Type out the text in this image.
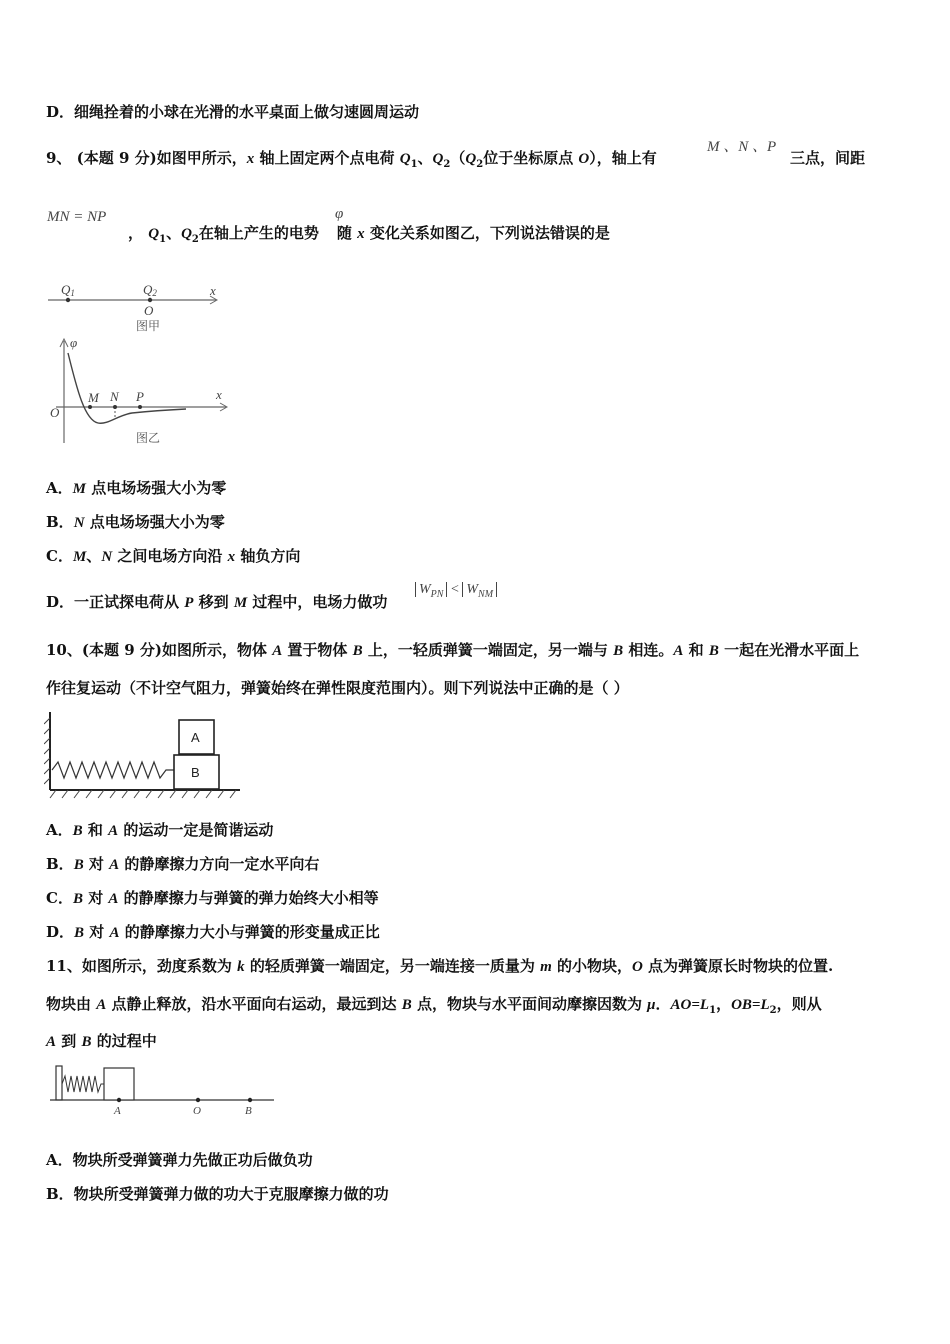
D．细绳拴着的小球在光滑的水平桌面上做匀速圆周运动
9、 (本题 9 分)如图甲所示，x 轴上固定两个点电荷 $Q_1$、$Q_2(Q_2$位于坐标原点 O），轴上有
M 、N 、P
三点，间距
MN = NP	φ
， $Q_1$、$Q_2$在轴上产生的电势 随 x 变化关系如图乙，下列说法错误的是
Q1	Q2	x
O
图甲
φ
O
M N P	x
图乙
A．M 点电场场强大小为零
B．N 点电场场强大小为零
C．M、N 之间电场方向沿 x 轴负方向
D．一正试探电荷从 P 移到 M 过程中，电场力做功
$W_{PN} < W_{NM}$
10、(本题 9 分)如图所示，物体 A 置于物体 B 上，一轻质弹簧一端固定，另一端与 B 相连。A 和 B 一起在光滑水平面上
作往复运动（不计空气阻力，弹簧始终在弹性限度范围内）。则下列说法中正确的是（ ）
A
B
A．B 和 A 的运动一定是简谐运动
B．B 对 A 的静摩擦力方向一定水平向右
C．B 对 A 的静摩擦力与弹簧的弹力始终大小相等
D．B 对 A 的静摩擦力大小与弹簧的形变量成正比
11、如图所示，劲度系数为 k 的轻质弹簧一端固定，另一端连接一质量为 m 的小物块，O 点为弹簧原长时物块的位置.
物块由 A 点静止释放，沿水平面向右运动，最远到达 B 点，物块与水平面间动摩擦因数为 μ．$AO=L_1$，$OB=L_2$，则从
A 到 B 的过程中
A	O	B
A．物块所受弹簧弹力先做正功后做负功
B．物块所受弹簧弹力做的功大于克服摩擦力做的功
